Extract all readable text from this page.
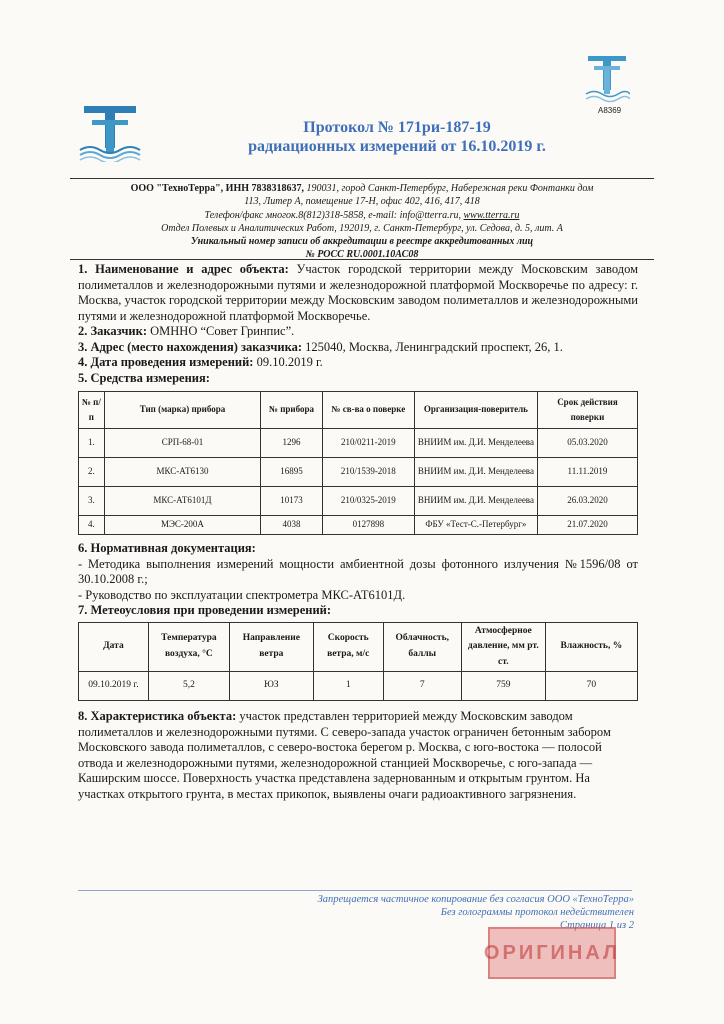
A8369
Протокол № 171ри-187-19
радиационных измерений от 16.10.2019 г.
ООО "ТехноТерра", ИНН 7838318637, 190031, город Санкт-Петербург, Набережная реки Фонтанки дом
113, Литер А, помещение 17-Н, офис 402, 416, 417, 418
Телефон/факс многок.8(812)318-5858, e-mail: info@tterra.ru, www.tterra.ru
Отдел Полевых и Аналитических Работ, 192019, г. Санкт-Петербург, ул. Седова, д. 5, лит. А
Уникальный номер записи об аккредитации в реестре аккредитованных лиц
№ РОСС RU.0001.10АС08

1. Наименование и адрес объекта: Участок городской территории между Московским заводом полиметаллов и железнодорожными путями и железнодорожной платформой Москворечье по адресу: г. Москва, участок городской территории между Московским заводом полиметаллов и железнодорожными путями и железнодорожной платформой Москворечье.

2. Заказчик: ОМННО “Совет Гринпис”.

3. Адрес (место нахождения) заказчика: 125040, Москва, Ленинградский проспект, 26, 1.

4. Дата проведения измерений: 09.10.2019 г.

5. Средства измерения:

№ п/п	Тип (марка) прибора	№ прибора	№ св-ва о поверке	Организация-поверитель	Срок действия поверки
1.	СРП-68-01	1296	210/0211-2019	ВНИИМ им. Д.И. Менделеева	05.03.2020
2.	МКС-АТ6130	16895	210/1539-2018	ВНИИМ им. Д.И. Менделеева	11.11.2019
3.	МКС-АТ6101Д	10173	210/0325-2019	ВНИИМ им. Д.И. Менделеева	26.03.2020
4.	МЭС-200А	4038	0127898	ФБУ «Тест-С.-Петербург»	21.07.2020

6. Нормативная документация:

- Методика выполнения измерений мощности амбиентной дозы фотонного излучения №1596/08 от 30.10.2008 г.;

- Руководство по эксплуатации спектрометра МКС-АТ6101Д.

7. Метеоусловия при проведении измерений:

Дата	Температура воздуха, °С	Направление ветра	Скорость ветра, м/с	Облачность, баллы	Атмосферное давление, мм рт. ст.	Влажность, %
09.10.2019 г.	5,2	ЮЗ	1	7	759	70

8. Характеристика объекта: участок представлен территорией между Московским заводом полиметаллов и железнодорожными путями. С северо-запада участок ограничен бетонным забором Московского завода полиметаллов, с северо-востока берегом р. Москва, с юго-востока — полосой отвода и железнодорожными путями, железнодорожной станцией Москворечье, с юго-запада — Каширским шоссе. Поверхность участка представлена задернованным и открытым грунтом. На участках открытого грунта, в местах прикопок, выявлены очаги радиоактивного загрязнения.

Запрещается частичное копирование без согласия ООО «ТехноТерра»
Без голограммы протокол недействителен
Страница 1 из 2
ОРИГИНАЛ
